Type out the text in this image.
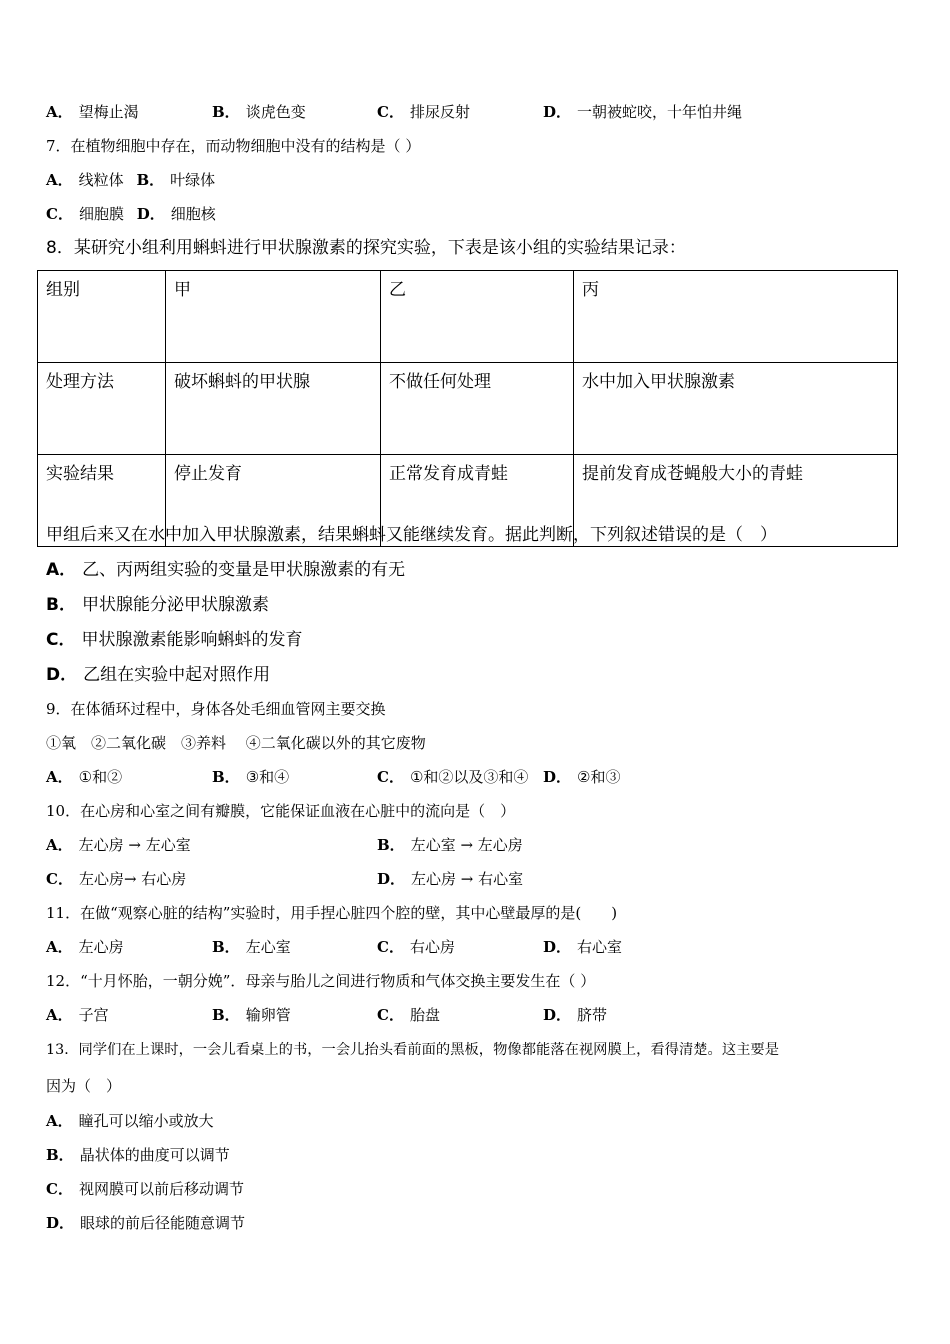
A． 望梅止渴	B． 谈虎色变	C． 排尿反射	D． 一朝被蛇咬，十年怕井绳
7．在植物细胞中存在，而动物细胞中没有的结构是（ ）
A． 线粒体 B． 叶绿体
C． 细胞膜 D． 细胞核
8．某研究小组利用蝌蚪进行甲状腺激素的探究实验，下表是该小组的实验结果记录：
组别	甲	乙	丙
处理方法	破坏蝌蚪的甲状腺	不做任何处理	水中加入甲状腺激素
实验结果	停止发育	正常发育成青蛙	提前发育成苍蝇般大小的青蛙
甲组后来又在水中加入甲状腺激素，结果蝌蚪又能继续发育。据此判断，下列叙述错误的是（　）
A． 乙、丙两组实验的变量是甲状腺激素的有无
B． 甲状腺能分泌甲状腺激素
C． 甲状腺激素能影响蝌蚪的发育
D． 乙组在实验中起对照作用
9．在体循环过程中，身体各处毛细血管网主要交换
①氧　②二氧化碳　③养料　 ④二氧化碳以外的其它废物
A． ①和②	B． ③和④	C． ①和②以及③和④ D． ②和③
10．在心房和心室之间有瓣膜，它能保证血液在心脏中的流向是（　）
A． 左心房 → 左心室	B． 左心室 → 左心房
C． 左心房→ 右心房	D． 左心房 → 右心室
11．在做“观察心脏的结构”实验时，用手捏心脏四个腔的壁，其中心壁最厚的是(　　)
A． 左心房	B． 左心室	C． 右心房	D． 右心室
12．“十月怀胎，一朝分娩”．母亲与胎儿之间进行物质和气体交换主要发生在（ ）
A． 子宫	B． 输卵管	C． 胎盘	D． 脐带
13．同学们在上课时，一会儿看桌上的书，一会儿抬头看前面的黑板，物像都能落在视网膜上，看得清楚。这主要是
因为（　）
A． 瞳孔可以缩小或放大
B． 晶状体的曲度可以调节
C． 视网膜可以前后移动调节
D． 眼球的前后径能随意调节
